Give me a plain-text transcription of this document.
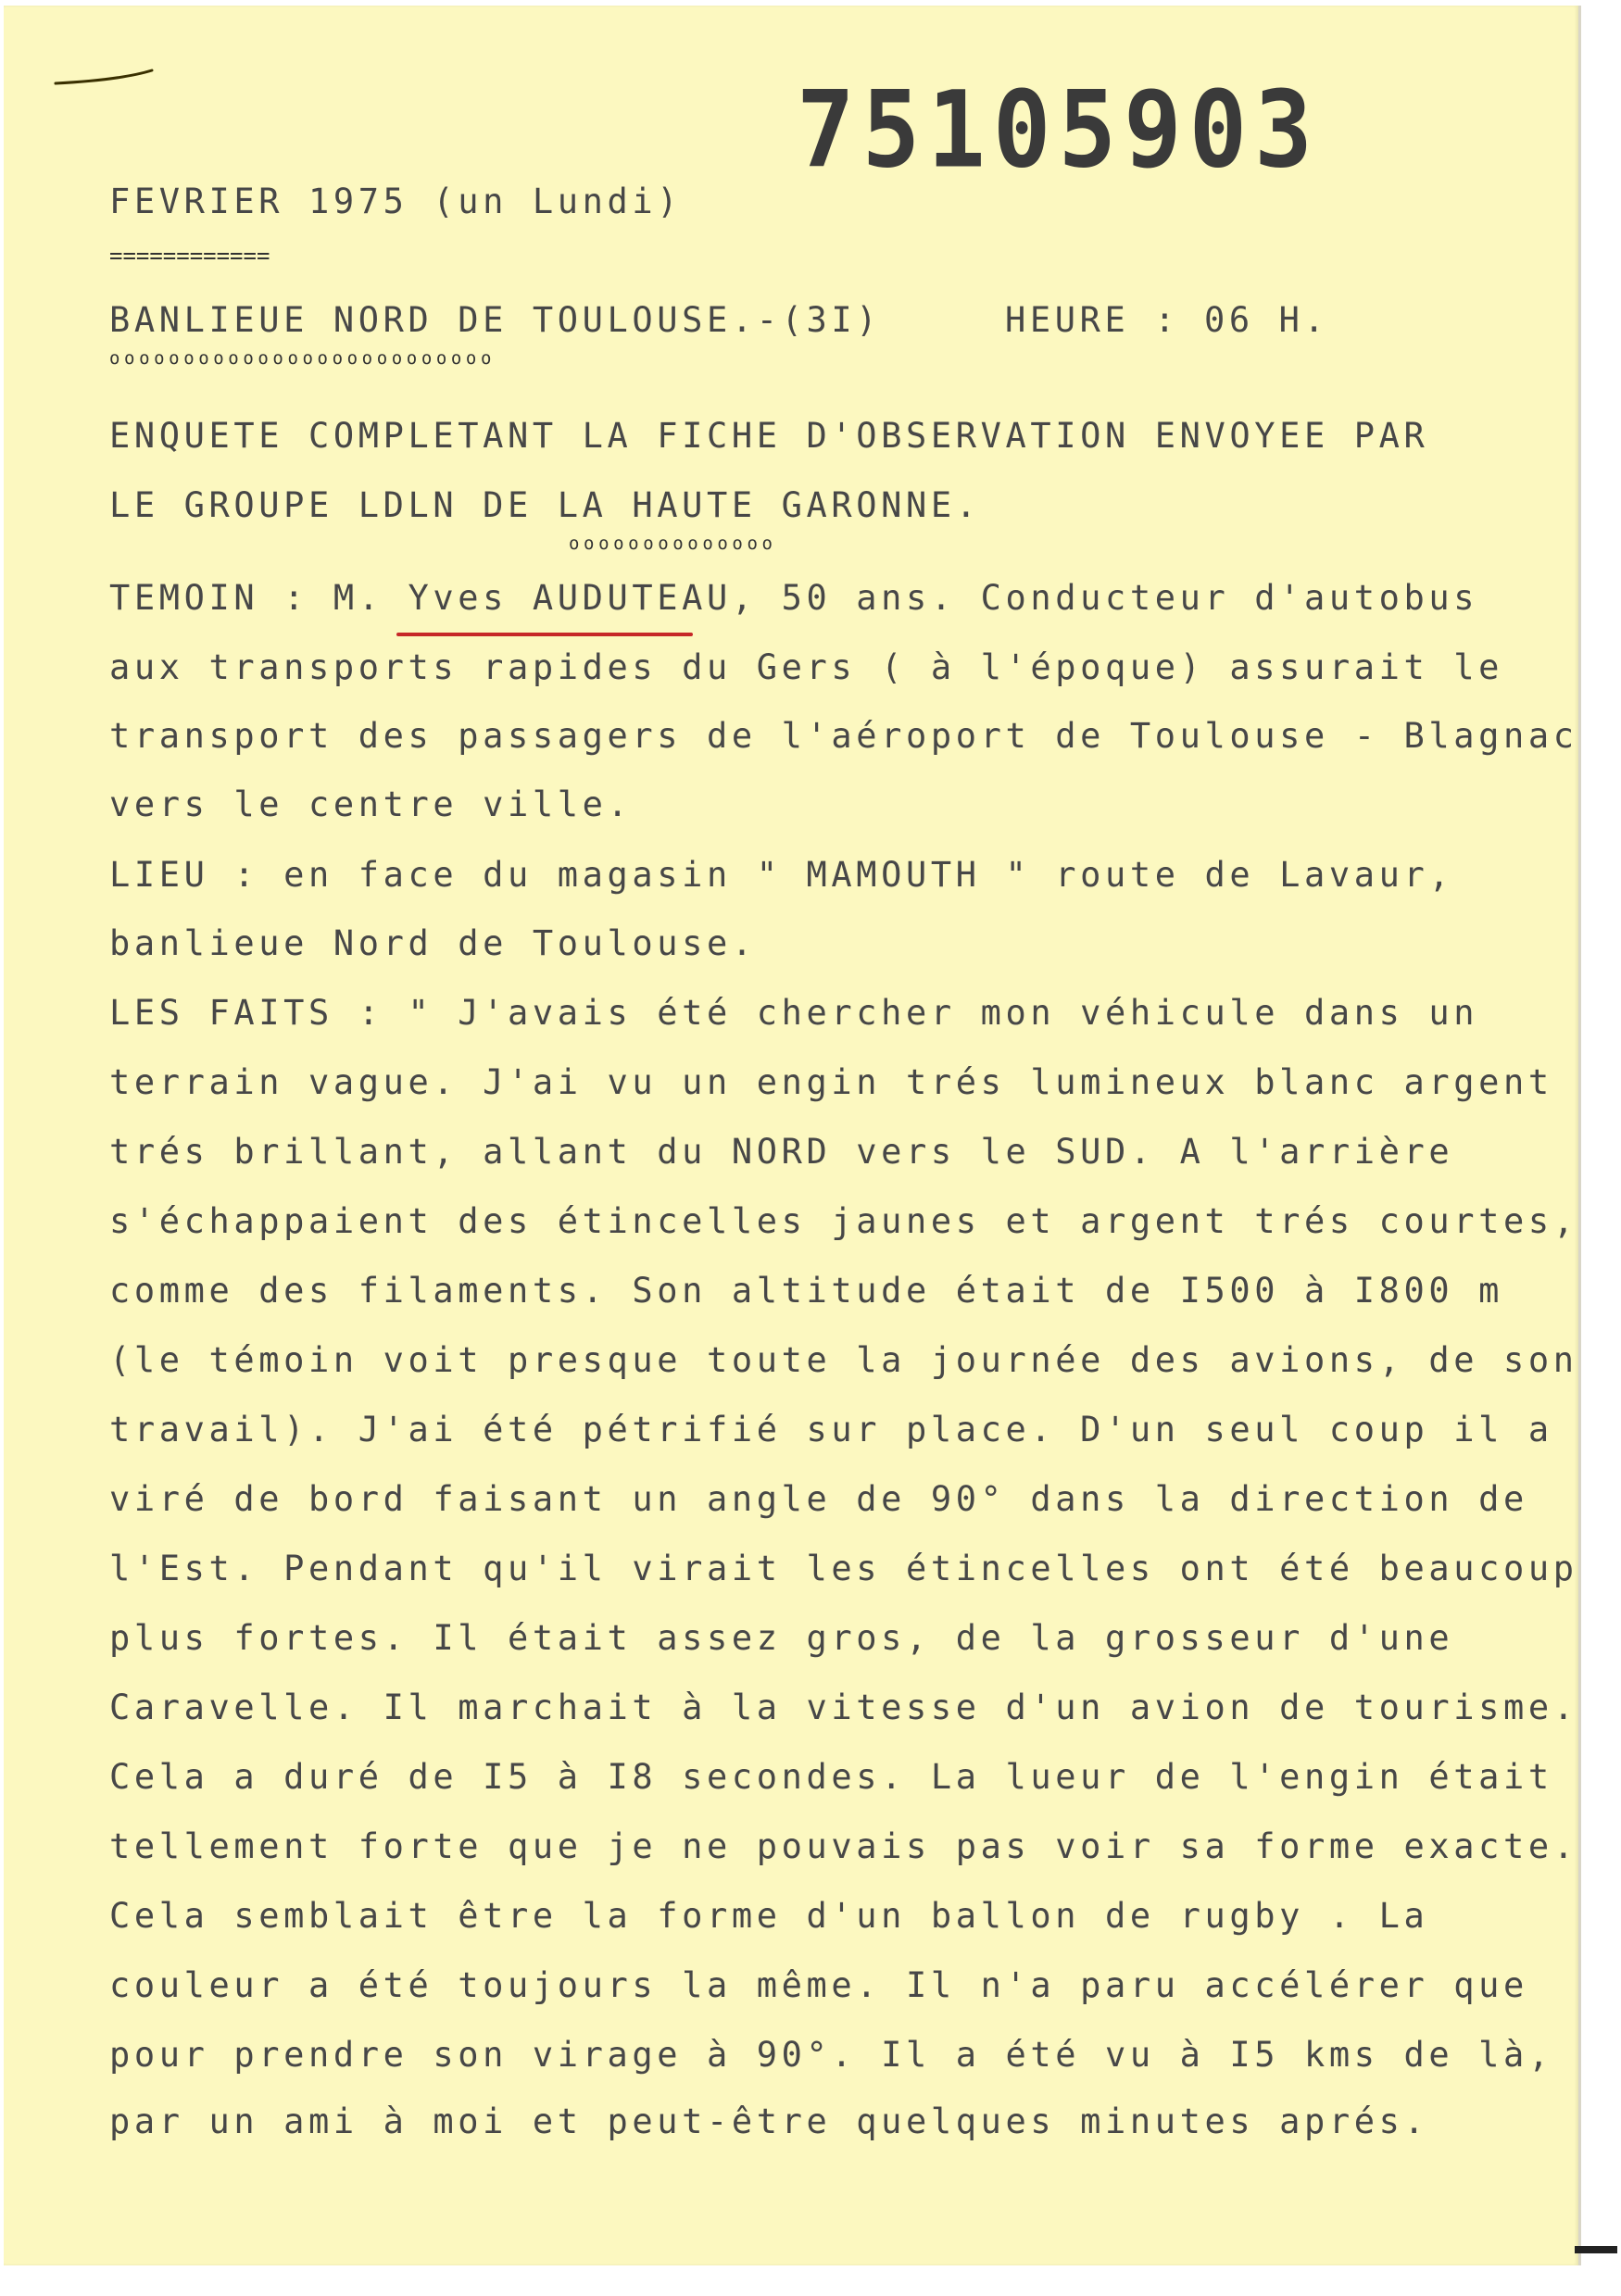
75105903
FEVRIER 1975 (un Lundi)
============
BANLIEUE NORD DE TOULOUSE.-(3I)	HEURE : 06 H.
oooooooooooooooooooooooooo
ENQUETE COMPLETANT LA FICHE D'OBSERVATION ENVOYEE PAR
LE GROUPE LDLN DE LA HAUTE GARONNE.
oooooooooooooo
TEMOIN : M. Yves AUDUTEAU, 50 ans. Conducteur d'autobus
aux transports rapides du Gers ( à l'époque) assurait le
transport des passagers de l'aéroport de Toulouse - Blagnac
vers le centre ville.
LIEU : en face du magasin " MAMOUTH " route de Lavaur,
banlieue Nord de Toulouse.
LES FAITS : " J'avais été chercher mon véhicule dans un
terrain vague. J'ai vu un engin trés lumineux blanc argent
trés brillant, allant du NORD vers le SUD. A l'arrière
s'échappaient des étincelles jaunes et argent trés courtes,
comme des filaments. Son altitude était de I500 à I800 m
(le témoin voit presque toute la journée des avions, de son
travail). J'ai été pétrifié sur place. D'un seul coup il a
viré de bord faisant un angle de 90° dans la direction de
l'Est. Pendant qu'il virait les étincelles ont été beaucoup
plus fortes. Il était assez gros, de la grosseur d'une
Caravelle. Il marchait à la vitesse d'un avion de tourisme.
Cela a duré de I5 à I8 secondes. La lueur de l'engin était
tellement forte que je ne pouvais pas voir sa forme exacte.
Cela semblait être la forme d'un ballon de rugby . La
couleur a été toujours la même. Il n'a paru accélérer que
pour prendre son virage à 90°. Il a été vu à I5 kms de là,
par un ami à moi et peut-être quelques minutes aprés.
